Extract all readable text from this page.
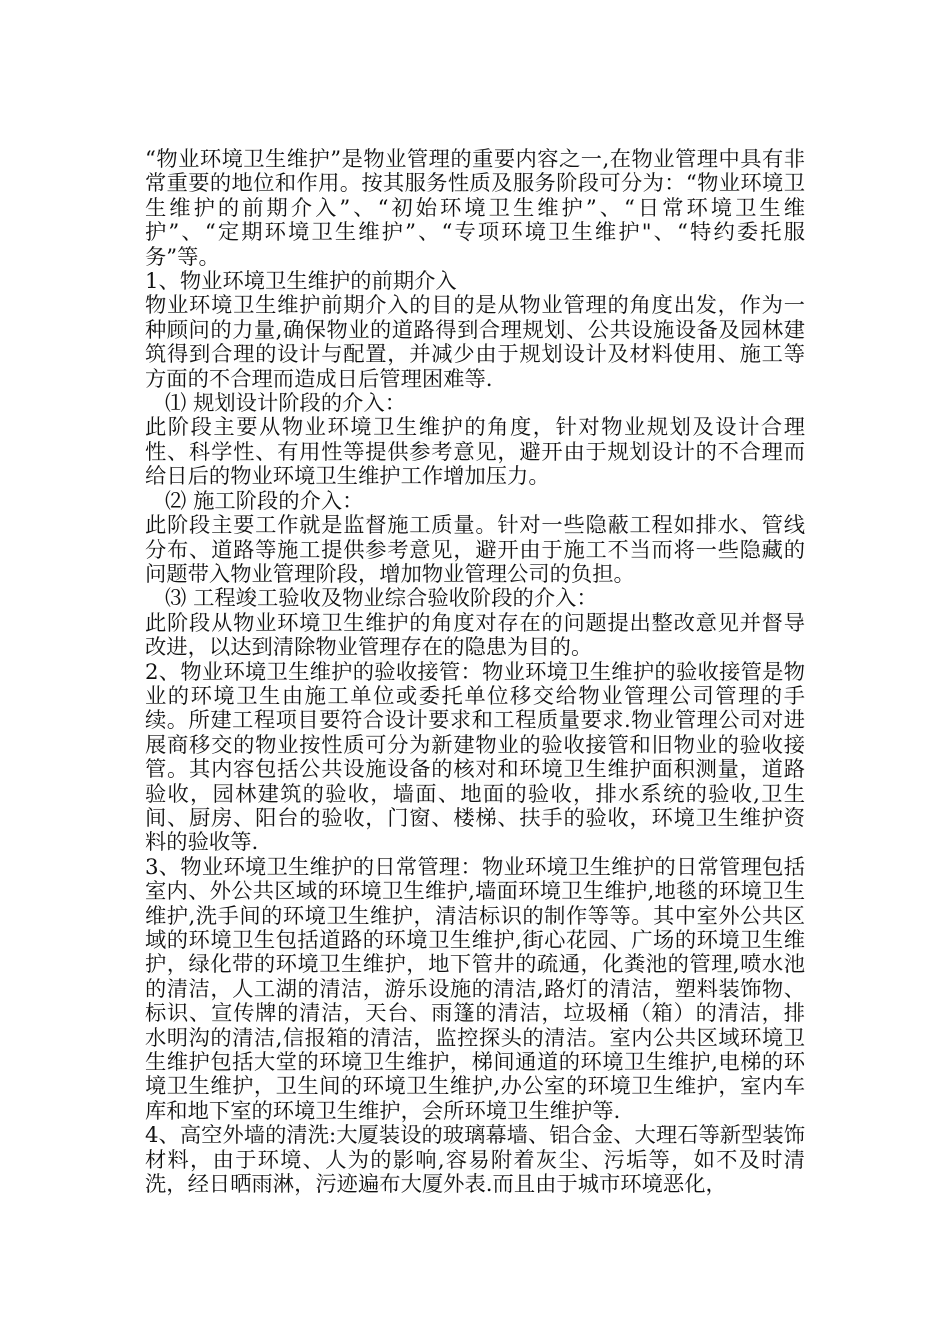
“物业环境卫生维护”是物业管理的重要内容之一,在物业管理中具有非常重要的地位和作用。按其服务性质及服务阶段可分为：“物业环境卫生维护的前期介入”、“初始环境卫生维护”、“日常环境卫生维护”、“定期环境卫生维护”、“专项环境卫生维护"、“特约委托服务”等。

1、物业环境卫生维护的前期介入

物业环境卫生维护前期介入的目的是从物业管理的角度出发，作为一种顾问的力量,确保物业的道路得到合理规划、公共设施设备及园林建筑得到合理的设计与配置，并减少由于规划设计及材料使用、施工等方面的不合理而造成日后管理困难等.

⑴ 规划设计阶段的介入：

此阶段主要从物业环境卫生维护的角度，针对物业规划及设计合理性、科学性、有用性等提供参考意见，避开由于规划设计的不合理而给日后的物业环境卫生维护工作增加压力。

⑵ 施工阶段的介入：

此阶段主要工作就是监督施工质量。针对一些隐蔽工程如排水、管线分布、道路等施工提供参考意见，避开由于施工不当而将一些隐藏的问题带入物业管理阶段，增加物业管理公司的负担。

⑶ 工程竣工验收及物业综合验收阶段的介入：

此阶段从物业环境卫生维护的角度对存在的问题提出整改意见并督导改进，以达到清除物业管理存在的隐患为目的。

2、物业环境卫生维护的验收接管：物业环境卫生维护的验收接管是物业的环境卫生由施工单位或委托单位移交给物业管理公司管理的手续。所建工程项目要符合设计要求和工程质量要求.物业管理公司对进展商移交的物业按性质可分为新建物业的验收接管和旧物业的验收接管。其内容包括公共设施设备的核对和环境卫生维护面积测量，道路验收，园林建筑的验收，墙面、地面的验收，排水系统的验收,卫生间、厨房、阳台的验收，门窗、楼梯、扶手的验收，环境卫生维护资料的验收等.

3、物业环境卫生维护的日常管理：物业环境卫生维护的日常管理包括室内、外公共区域的环境卫生维护,墙面环境卫生维护,地毯的环境卫生维护,洗手间的环境卫生维护，清洁标识的制作等等。其中室外公共区域的环境卫生包括道路的环境卫生维护,街心花园、广场的环境卫生维护，绿化带的环境卫生维护，地下管井的疏通，化粪池的管理,喷水池的清洁，人工湖的清洁，游乐设施的清洁,路灯的清洁，塑料装饰物、标识、宣传牌的清洁，天台、雨篷的清洁，垃圾桶（箱）的清洁，排水明沟的清洁,信报箱的清洁，监控探头的清洁。室内公共区域环境卫生维护包括大堂的环境卫生维护，梯间通道的环境卫生维护,电梯的环境卫生维护，卫生间的环境卫生维护,办公室的环境卫生维护，室内车库和地下室的环境卫生维护，会所环境卫生维护等.

4、高空外墙的清洗:大厦装设的玻璃幕墙、铝合金、大理石等新型装饰材料，由于环境、人为的影响,容易附着灰尘、污垢等，如不及时清洗，经日晒雨淋，污迹遍布大厦外表.而且由于城市环境恶化，
